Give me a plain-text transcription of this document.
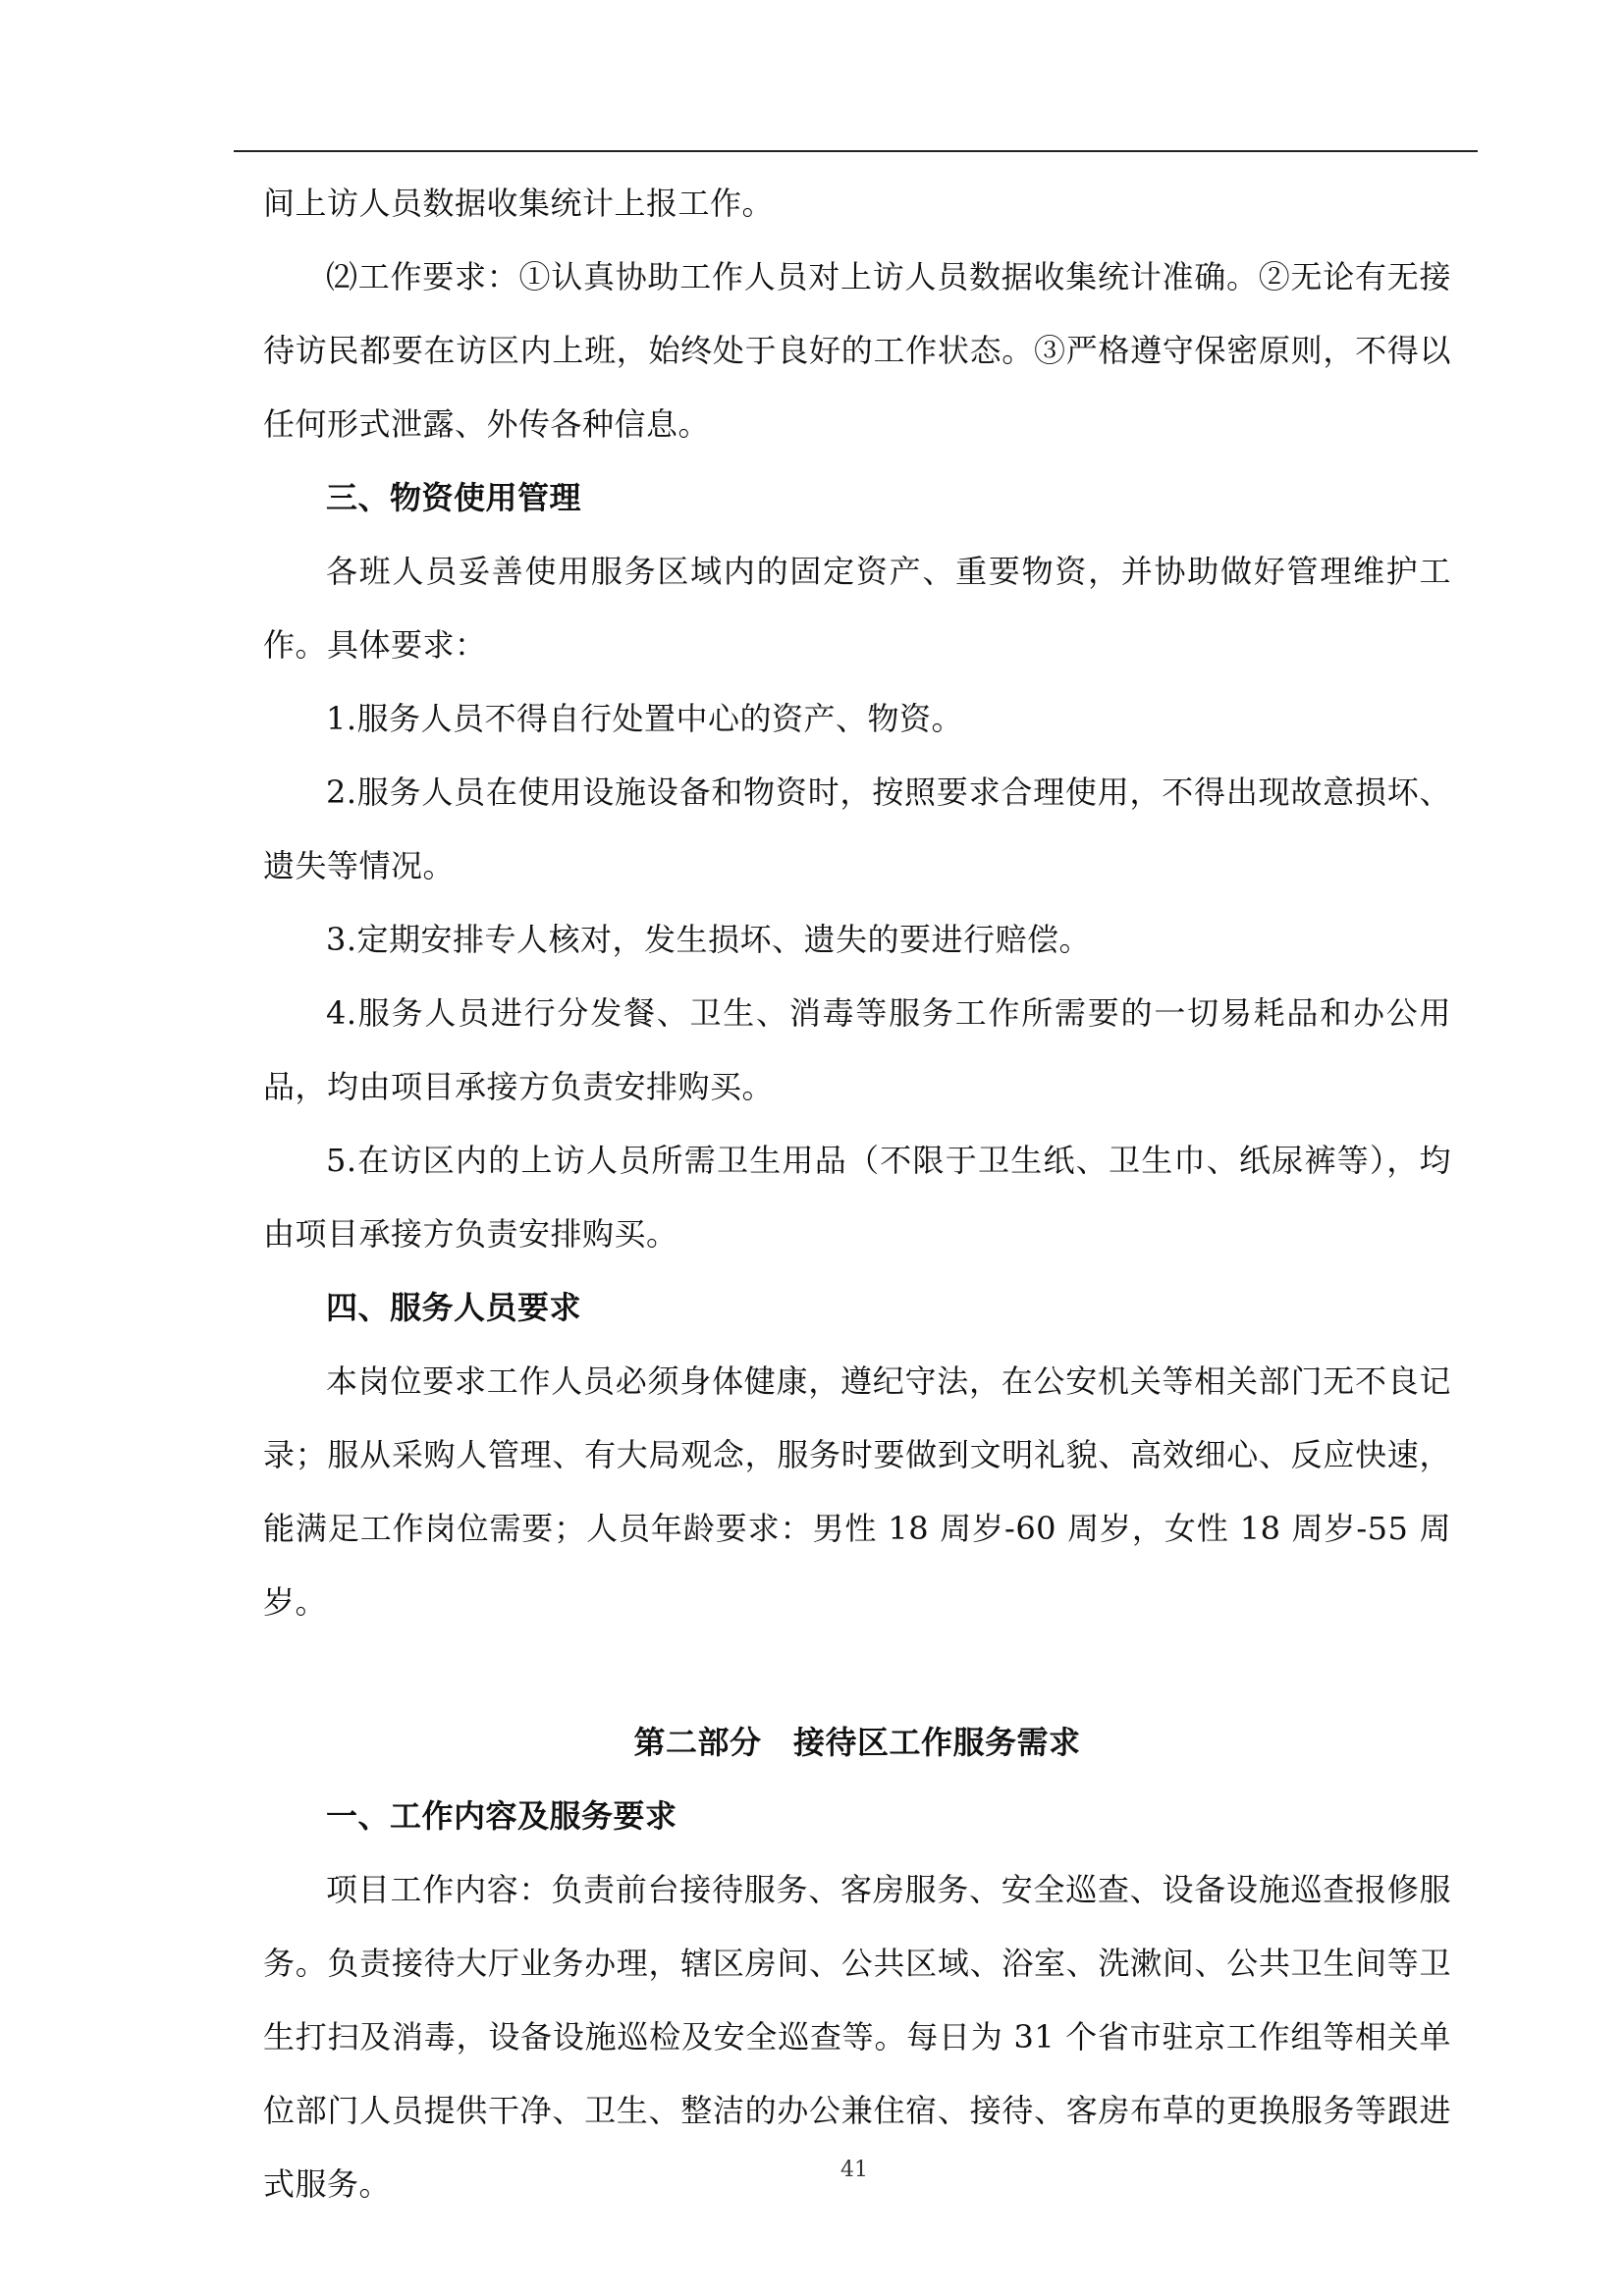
间上访人员数据收集统计上报工作。

⑵工作要求：①认真协助工作人员对上访人员数据收集统计准确。②无论有无接待访民都要在访区内上班，始终处于良好的工作状态。③严格遵守保密原则，不得以任何形式泄露、外传各种信息。

三、物资使用管理

各班人员妥善使用服务区域内的固定资产、重要物资，并协助做好管理维护工作。具体要求：

1.服务人员不得自行处置中心的资产、物资。

2.服务人员在使用设施设备和物资时，按照要求合理使用，不得出现故意损坏、遗失等情况。

3.定期安排专人核对，发生损坏、遗失的要进行赔偿。

4.服务人员进行分发餐、卫生、消毒等服务工作所需要的一切易耗品和办公用品，均由项目承接方负责安排购买。

5.在访区内的上访人员所需卫生用品（不限于卫生纸、卫生巾、纸尿裤等），均由项目承接方负责安排购买。

四、服务人员要求

本岗位要求工作人员必须身体健康，遵纪守法，在公安机关等相关部门无不良记录；服从采购人管理、有大局观念，服务时要做到文明礼貌、高效细心、反应快速，能满足工作岗位需要；人员年龄要求：男性 18 周岁-60 周岁，女性 18 周岁-55 周岁。

第二部分　接待区工作服务需求

一、工作内容及服务要求

项目工作内容：负责前台接待服务、客房服务、安全巡查、设备设施巡查报修服务。负责接待大厅业务办理，辖区房间、公共区域、浴室、洗漱间、公共卫生间等卫生打扫及消毒，设备设施巡检及安全巡查等。每日为 31 个省市驻京工作组等相关单位部门人员提供干净、卫生、整洁的办公兼住宿、接待、客房布草的更换服务等跟进式服务。	41
